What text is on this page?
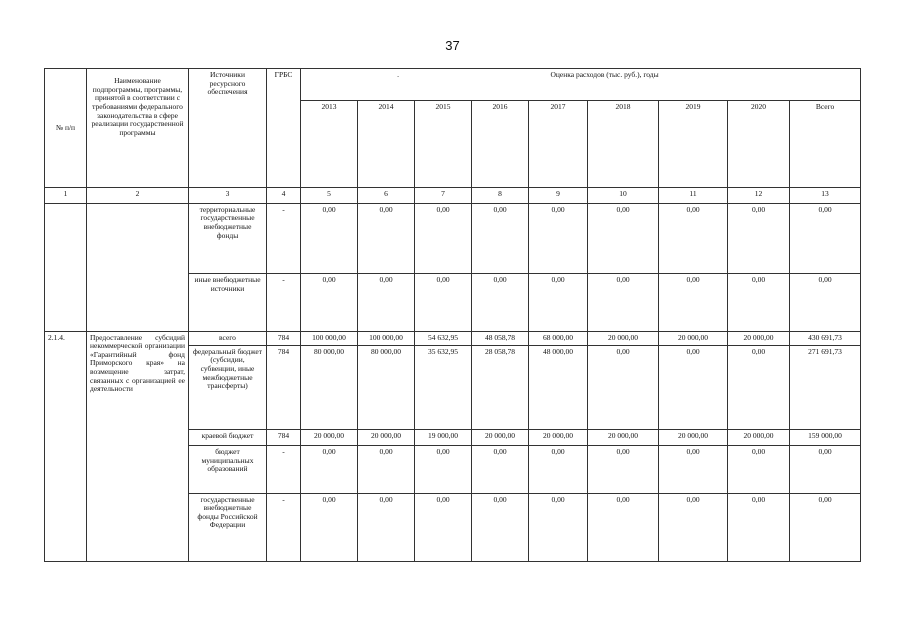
37
№ п/п	Наименование подпрограммы, программы, принятой в соответствии с требованиями федерального законодательства в сфере реализации государственной программы	Источники ресурсного обеспечения	ГРБС	. Оценка расходов (тыс. руб.), годы								

				2013	2014	2015	2016	2017	2018	2019	2020	Всего
1	2	3	4	5	6	7	8	9	10	11	12	13
		территориальные государственные внебюджетные фонды	-	0,00	0,00	0,00	0,00	0,00	0,00	0,00	0,00	0,00
		иные внебюджетные источники	-	0,00	0,00	0,00	0,00	0,00	0,00	0,00	0,00	0,00
2.1.4.	Предоставление субсидий некоммерческой организации «Гарантийный фонд Приморского края» на возмещение затрат, связанных с организацией ее деятельности	всего	784	100 000,00	100 000,00	54 632,95	48 058,78	68 000,00	20 000,00	20 000,00	20 000,00	430 691,73
		федеральный бюджет (субсидии, субвенции, иные межбюджетные трансферты)	784	80 000,00	80 000,00	35 632,95	28 058,78	48 000,00	0,00	0,00	0,00	271 691,73
		краевой бюджет	784	20 000,00	20 000,00	19 000,00	20 000,00	20 000,00	20 000,00	20 000,00	20 000,00	159 000,00
		бюджет муниципальных образований	-	0,00	0,00	0,00	0,00	0,00	0,00	0,00	0,00	0,00
		государственные внебюджетные фонды Российской Федерации	-	0,00	0,00	0,00	0,00	0,00	0,00	0,00	0,00	0,00
